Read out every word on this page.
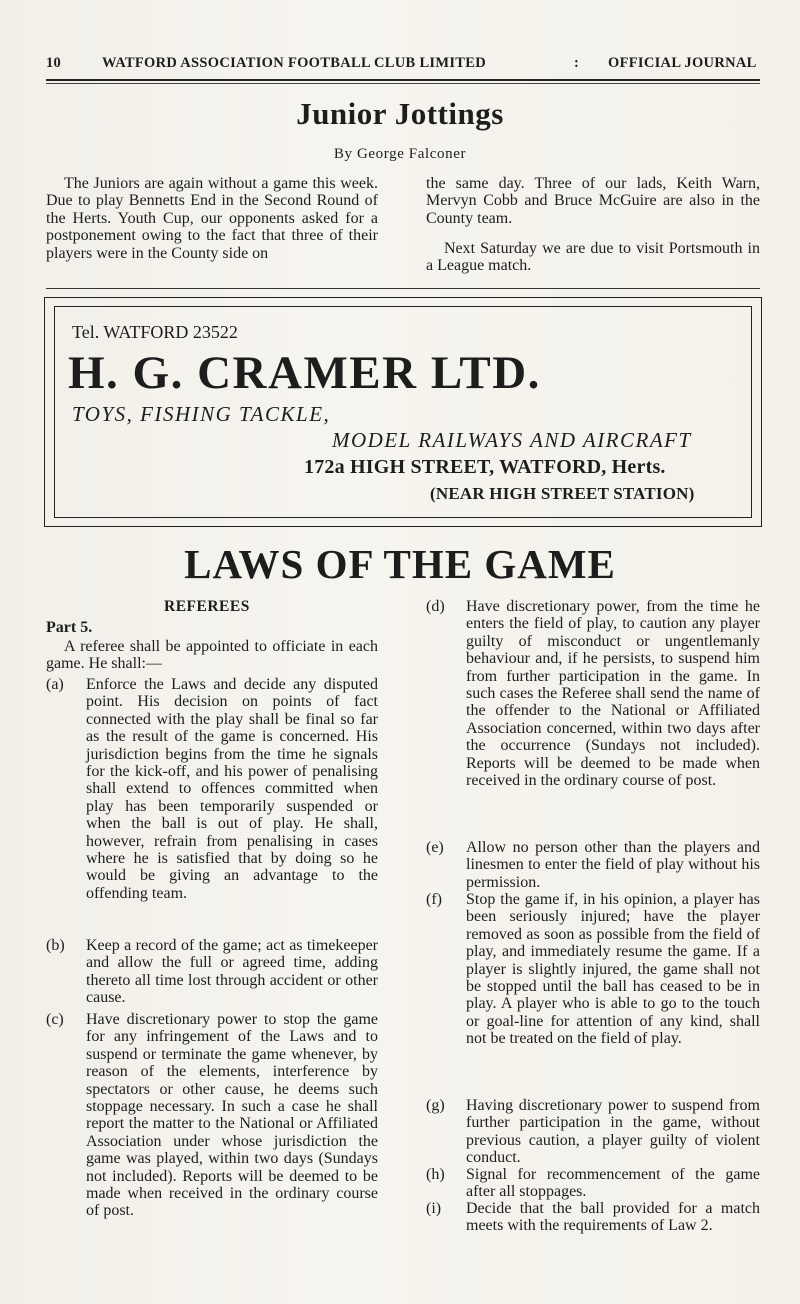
10	WATFORD ASSOCIATION FOOTBALL CLUB LIMITED	: OFFICIAL JOURNAL
Junior Jottings
By George Falconer

The Juniors are again without a game this week. Due to play Bennetts End in the Second Round of the Herts. Youth Cup, our opponents asked for a postponement owing to the fact that three of their players were in the County side on

the same day. Three of our lads, Keith Warn, Mervyn Cobb and Bruce McGuire are also in the County team.

Next Saturday we are due to visit Portsmouth in a League match.

Tel. WATFORD 23522
H. G. CRAMER LTD.
TOYS, FISHING TACKLE,
MODEL RAILWAYS AND AIRCRAFT
172a HIGH STREET, WATFORD, Herts.
(NEAR HIGH STREET STATION)
LAWS OF THE GAME
REFEREES
Part 5.

A referee shall be appointed to officiate in each game. He shall:—

(a)	Enforce the Laws and decide any disputed point. His decision on points of fact connected with the play shall be final so far as the result of the game is concerned. His jurisdiction begins from the time he signals for the kick-off, and his power of penalising shall extend to offences committed when play has been temporarily suspended or when the ball is out of play. He shall, however, refrain from penalising in cases where he is satisfied that by doing so he would be giving an advantage to the offending team.
(b)	Keep a record of the game; act as timekeeper and allow the full or agreed time, adding thereto all time lost through accident or other cause.
(c)	Have discretionary power to stop the game for any infringement of the Laws and to suspend or terminate the game whenever, by reason of the elements, interference by spectators or other cause, he deems such stoppage necessary. In such a case he shall report the matter to the National or Affiliated Association under whose jurisdiction the game was played, within two days (Sundays not included). Reports will be deemed to be made when received in the ordinary course of post.
(d)	Have discretionary power, from the time he enters the field of play, to caution any player guilty of misconduct or ungentlemanly behaviour and, if he persists, to suspend him from further participation in the game. In such cases the Referee shall send the name of the offender to the National or Affiliated Association concerned, within two days after the occurrence (Sundays not included). Reports will be deemed to be made when received in the ordinary course of post.
(e)	Allow no person other than the players and linesmen to enter the field of play without his permission.
(f)	Stop the game if, in his opinion, a player has been seriously injured; have the player removed as soon as possible from the field of play, and immediately resume the game. If a player is slightly injured, the game shall not be stopped until the ball has ceased to be in play. A player who is able to go to the touch or goal-line for attention of any kind, shall not be treated on the field of play.
(g)	Having discretionary power to suspend from further participation in the game, without previous caution, a player guilty of violent conduct.
(h)	Signal for recommencement of the game after all stoppages.
(i)	Decide that the ball provided for a match meets with the requirements of Law 2.
